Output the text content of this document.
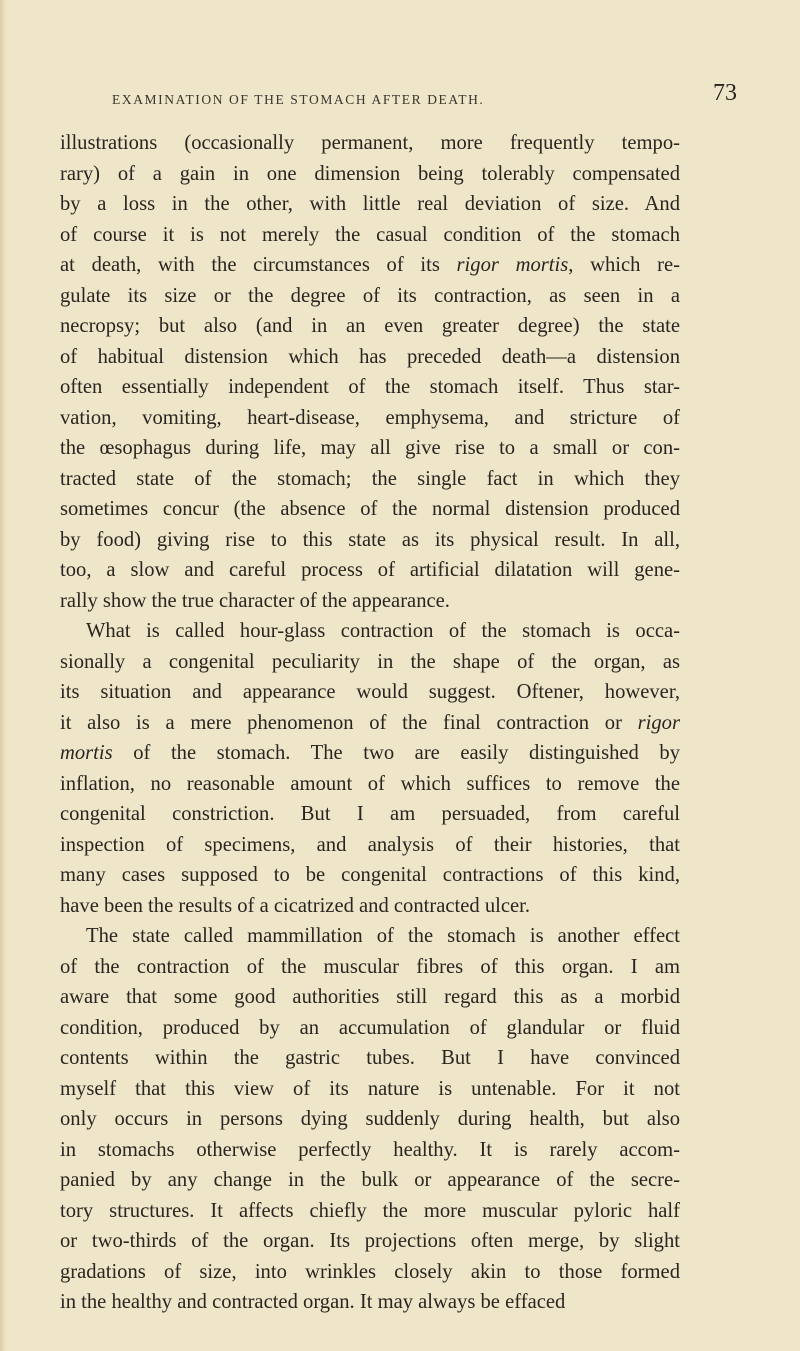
EXAMINATION OF THE STOMACH AFTER DEATH.	73
illustrations (occasionally permanent, more frequently tempo-
rary) of a gain in one dimension being tolerably compensated
by a loss in the other, with little real deviation of size. And
of course it is not merely the casual condition of the stomach
at death, with the circumstances of its rigor mortis, which re-
gulate its size or the degree of its contraction, as seen in a
necropsy; but also (and in an even greater degree) the state
of habitual distension which has preceded death—a distension
often essentially independent of the stomach itself. Thus star-
vation, vomiting, heart-disease, emphysema, and stricture of
the œsophagus during life, may all give rise to a small or con-
tracted state of the stomach; the single fact in which they
sometimes concur (the absence of the normal distension produced
by food) giving rise to this state as its physical result. In all,
too, a slow and careful process of artificial dilatation will gene-
rally show the true character of the appearance.
What is called hour-glass contraction of the stomach is occa-
sionally a congenital peculiarity in the shape of the organ, as
its situation and appearance would suggest. Oftener, however,
it also is a mere phenomenon of the final contraction or rigor
mortis of the stomach. The two are easily distinguished by
inflation, no reasonable amount of which suffices to remove the
congenital constriction. But I am persuaded, from careful
inspection of specimens, and analysis of their histories, that
many cases supposed to be congenital contractions of this kind,
have been the results of a cicatrized and contracted ulcer.
The state called mammillation of the stomach is another effect
of the contraction of the muscular fibres of this organ. I am
aware that some good authorities still regard this as a morbid
condition, produced by an accumulation of glandular or fluid
contents within the gastric tubes. But I have convinced
myself that this view of its nature is untenable. For it not
only occurs in persons dying suddenly during health, but also
in stomachs otherwise perfectly healthy. It is rarely accom-
panied by any change in the bulk or appearance of the secre-
tory structures. It affects chiefly the more muscular pyloric half
or two-thirds of the organ. Its projections often merge, by slight
gradations of size, into wrinkles closely akin to those formed
in the healthy and contracted organ. It may always be effaced
